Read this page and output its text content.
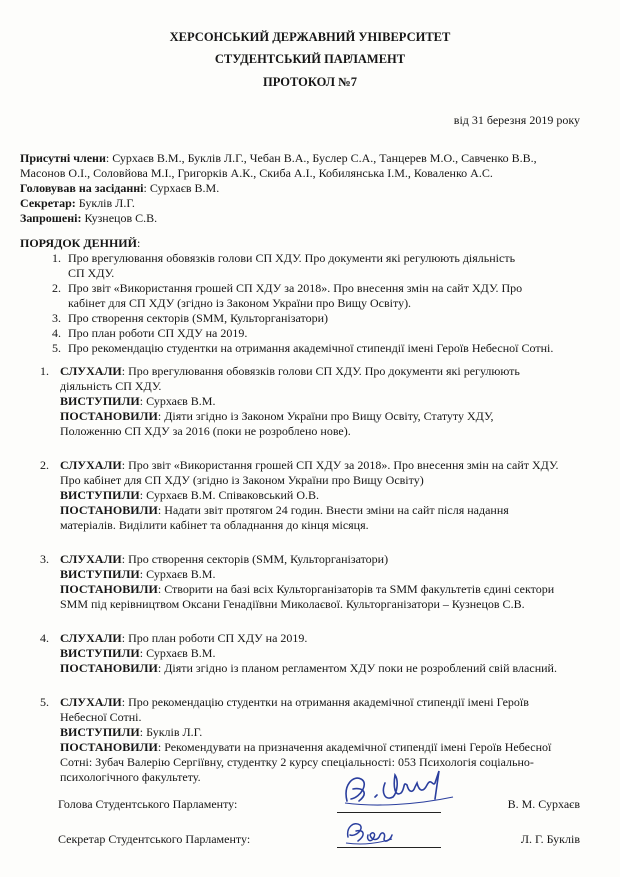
ХЕРСОНСЬКИЙ ДЕРЖАВНИЙ УНІВЕРСИТЕТ
СТУДЕНТСЬКИЙ ПАРЛАМЕНТ
ПРОТОКОЛ №7
від 31 березня 2019 року

Присутні члени: Сурхаєв В.М., Буклів Л.Г., Чебан В.А., Буслер С.А., Танцерев М.О., Савченко В.В.,

Масонов О.І., Соловйова М.І., Григорків А.К., Скиба А.І., Кобилянська І.М., Коваленко А.С.

Головував на засіданні: Сурхаєв В.М.

Секретар: Буклів Л.Г.

Запрошені: Кузнецов С.В.

ПОРЯДОК ДЕННИЙ:

1. Про врегулювання обовязків голови СП ХДУ. Про документи які регулюють діяльність
СП ХДУ.
2. Про звіт «Використання грошей СП ХДУ за 2018». Про внесення змін на сайт ХДУ. Про
кабінет для СП ХДУ (згідно із Законом України про Вищу Освіту).
3. Про створення секторів (SMM, Культорганізатори)
4. Про план роботи СП ХДУ на 2019.
5. Про рекомендацію студентки на отримання академічної стипендії імені Героїв Небесної Сотні.
1. СЛУХАЛИ: Про врегулювання обовязків голови СП ХДУ. Про документи які регулюють

діяльність СП ХДУ.

ВИСТУПИЛИ: Сурхаєв В.М.

ПОСТАНОВИЛИ: Діяти згідно із Законом України про Вищу Освіту, Статуту ХДУ,

Положенню СП ХДУ за 2016 (поки не розроблено нове).

2. СЛУХАЛИ: Про звіт «Використання грошей СП ХДУ за 2018». Про внесення змін на сайт ХДУ.

Про кабінет для СП ХДУ (згідно із Законом України про Вищу Освіту)

ВИСТУПИЛИ: Сурхаєв В.М. Співаковський О.В.

ПОСТАНОВИЛИ: Надати звіт протягом 24 годин. Внести зміни на сайт після надання

матеріалів. Виділити кабінет та обладнання до кінця місяця.

3. СЛУХАЛИ: Про створення секторів (SMM, Культорганізатори)

ВИСТУПИЛИ: Сурхаєв В.М.

ПОСТАНОВИЛИ: Створити на базі всіх Культорганізаторів та SMM факультетів єдині сектори

SMM під керівництвом Оксани Генадіївни Миколаєвої. Культорганізатори – Кузнецов С.В.

4. СЛУХАЛИ: Про план роботи СП ХДУ на 2019.

ВИСТУПИЛИ: Сурхаєв В.М.

ПОСТАНОВИЛИ: Діяти згідно із планом регламентом ХДУ поки не розроблений свій власний.

5. СЛУХАЛИ: Про рекомендацію студентки на отримання академічної стипендії імені Героїв

Небесної Сотні.

ВИСТУПИЛИ: Буклів Л.Г.

ПОСТАНОВИЛИ: Рекомендувати на призначення академічної стипендії імені Героїв Небесної

Сотні: Зубач Валерію Сергіївну, студентку 2 курсу спеціальності: 053 Психологія соціально-

психологічного факультету.

Голова Студентського Парламенту:	В. М. Сурхаєв
Секретар Студентського Парламенту:	Л. Г. Буклів
